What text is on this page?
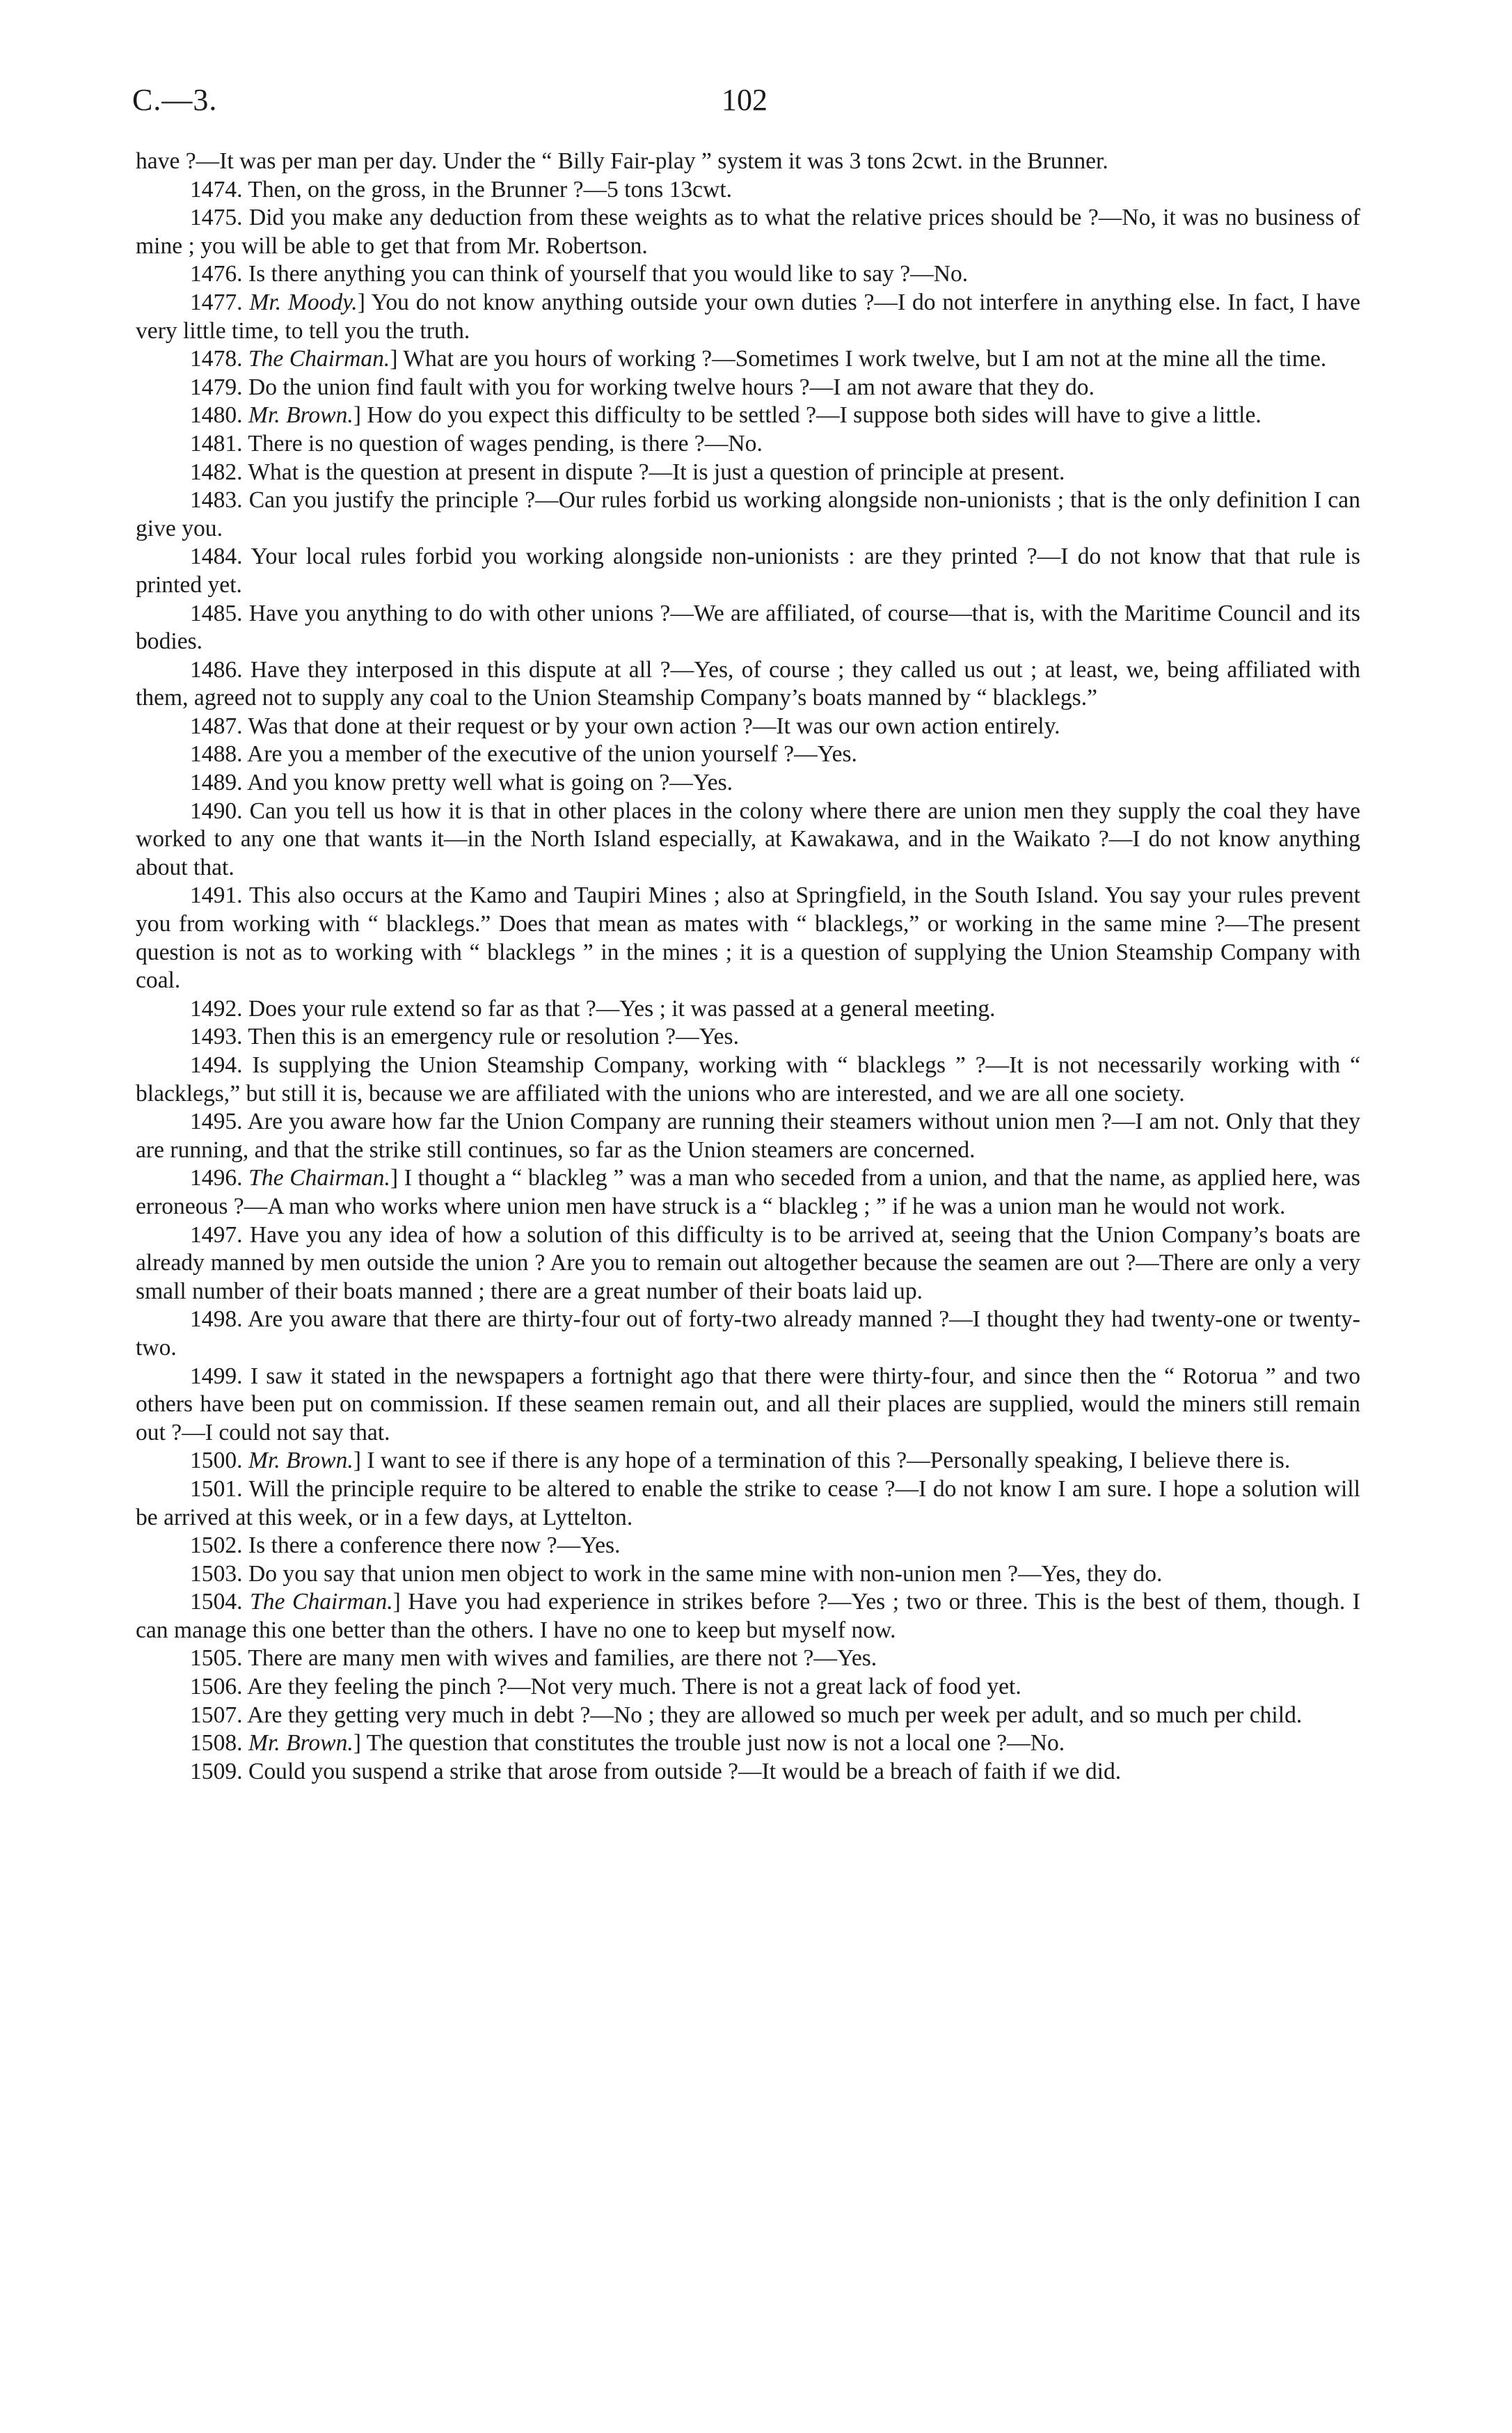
C.—3.	102

have ?—It was per man per day. Under the “ Billy Fair-play ” system it was 3 tons 2cwt. in the Brunner.

1474. Then, on the gross, in the Brunner ?—5 tons 13cwt.

1475. Did you make any deduction from these weights as to what the relative prices should be ?—No, it was no business of mine ; you will be able to get that from Mr. Robertson.

1476. Is there anything you can think of yourself that you would like to say ?—No.

1477. Mr. Moody.] You do not know anything outside your own duties ?—I do not interfere in anything else. In fact, I have very little time, to tell you the truth.

1478. The Chairman.] What are you hours of working ?—Sometimes I work twelve, but I am not at the mine all the time.

1479. Do the union find fault with you for working twelve hours ?—I am not aware that they do.

1480. Mr. Brown.] How do you expect this difficulty to be settled ?—I suppose both sides will have to give a little.

1481. There is no question of wages pending, is there ?—No.

1482. What is the question at present in dispute ?—It is just a question of principle at present.

1483. Can you justify the principle ?—Our rules forbid us working alongside non-unionists ; that is the only definition I can give you.

1484. Your local rules forbid you working alongside non-unionists : are they printed ?—I do not know that that rule is printed yet.

1485. Have you anything to do with other unions ?—We are affiliated, of course—that is, with the Maritime Council and its bodies.

1486. Have they interposed in this dispute at all ?—Yes, of course ; they called us out ; at least, we, being affiliated with them, agreed not to supply any coal to the Union Steamship Company’s boats manned by “ blacklegs.”

1487. Was that done at their request or by your own action ?—It was our own action entirely.

1488. Are you a member of the executive of the union yourself ?—Yes.

1489. And you know pretty well what is going on ?—Yes.

1490. Can you tell us how it is that in other places in the colony where there are union men they supply the coal they have worked to any one that wants it—in the North Island especially, at Kawakawa, and in the Waikato ?—I do not know anything about that.

1491. This also occurs at the Kamo and Taupiri Mines ; also at Springfield, in the South Island. You say your rules prevent you from working with “ blacklegs.” Does that mean as mates with “ blacklegs,” or working in the same mine ?—The present question is not as to working with “ blacklegs ” in the mines ; it is a question of supplying the Union Steamship Company with coal.

1492. Does your rule extend so far as that ?—Yes ; it was passed at a general meeting.

1493. Then this is an emergency rule or resolution ?—Yes.

1494. Is supplying the Union Steamship Company, working with “ blacklegs ” ?—It is not necessarily working with “ blacklegs,” but still it is, because we are affiliated with the unions who are interested, and we are all one society.

1495. Are you aware how far the Union Company are running their steamers without union men ?—I am not. Only that they are running, and that the strike still continues, so far as the Union steamers are concerned.

1496. The Chairman.] I thought a “ blackleg ” was a man who seceded from a union, and that the name, as applied here, was erroneous ?—A man who works where union men have struck is a “ blackleg ; ” if he was a union man he would not work.

1497. Have you any idea of how a solution of this difficulty is to be arrived at, seeing that the Union Company’s boats are already manned by men outside the union ? Are you to remain out altogether because the seamen are out ?—There are only a very small number of their boats manned ; there are a great number of their boats laid up.

1498. Are you aware that there are thirty-four out of forty-two already manned ?—I thought they had twenty-one or twenty-two.

1499. I saw it stated in the newspapers a fortnight ago that there were thirty-four, and since then the “ Rotorua ” and two others have been put on commission. If these seamen remain out, and all their places are supplied, would the miners still remain out ?—I could not say that.

1500. Mr. Brown.] I want to see if there is any hope of a termination of this ?—Personally speaking, I believe there is.

1501. Will the principle require to be altered to enable the strike to cease ?—I do not know I am sure. I hope a solution will be arrived at this week, or in a few days, at Lyttelton.

1502. Is there a conference there now ?—Yes.

1503. Do you say that union men object to work in the same mine with non-union men ?—Yes, they do.

1504. The Chairman.] Have you had experience in strikes before ?—Yes ; two or three. This is the best of them, though. I can manage this one better than the others. I have no one to keep but myself now.

1505. There are many men with wives and families, are there not ?—Yes.

1506. Are they feeling the pinch ?—Not very much. There is not a great lack of food yet.

1507. Are they getting very much in debt ?—No ; they are allowed so much per week per adult, and so much per child.

1508. Mr. Brown.] The question that constitutes the trouble just now is not a local one ?—No.

1509. Could you suspend a strike that arose from outside ?—It would be a breach of faith if we did.
